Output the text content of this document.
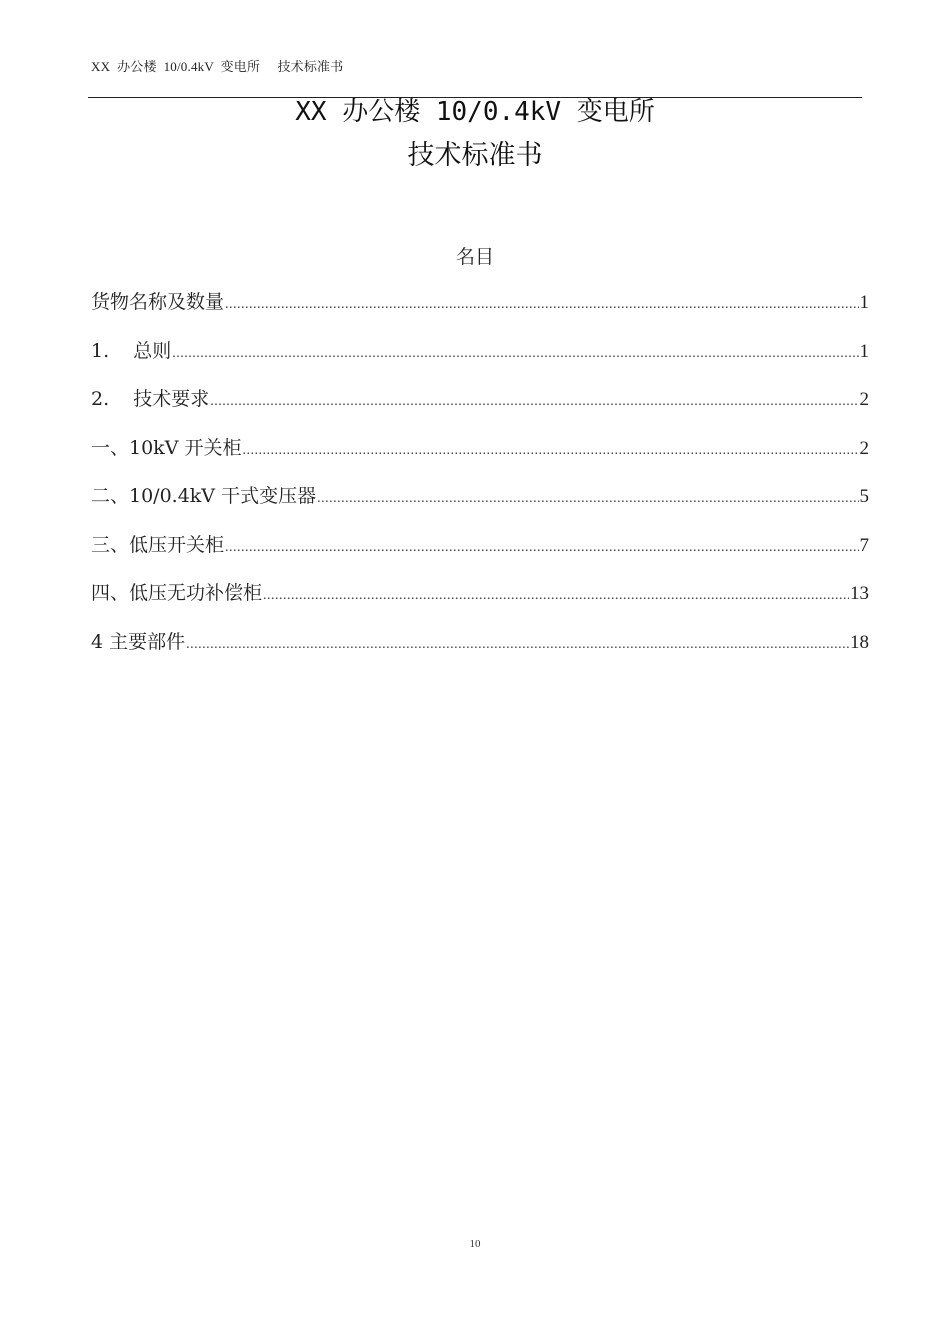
XX  办公楼  10/0.4kV  变电所     技术标准书
XX 办公楼 10/0.4kV 变电所
技术标准书
名目
货物名称及数量 .....	1
1.    总则 .....	1
2.    技术要求 .....	2
一、10kV 开关柜 .....	2
二、10/0.4kV 干式变压器 .....	5
三、低压开关柜 .....	7
四、低压无功补偿柜 .....	13
4 主要部件 .....	18
10
